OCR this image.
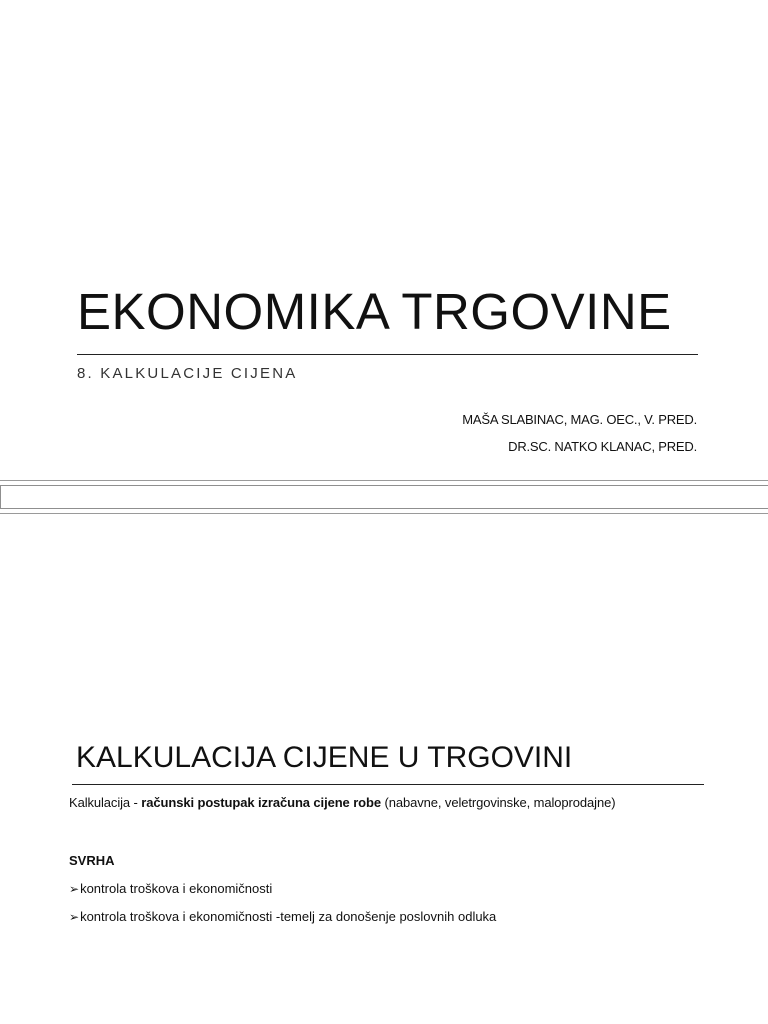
EKONOMIKA TRGOVINE
8. KALKULACIJE CIJENA
MAŠA SLABINAC, MAG. OEC., V. PRED.
DR.SC. NATKO KLANAC, PRED.
KALKULACIJA CIJENE U TRGOVINI
Kalkulacija - računski postupak izračuna cijene robe (nabavne, veletrgovinske, maloprodajne)
SVRHA
➢kontrola troškova i ekonomičnosti
➢kontrola troškova i ekonomičnosti -temelj za donošenje poslovnih odluka
